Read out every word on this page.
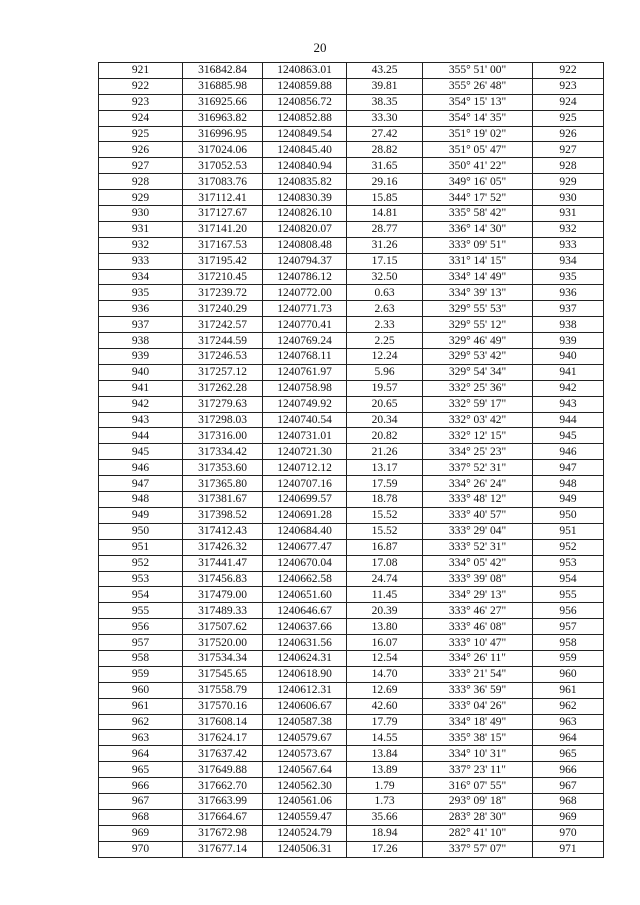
20
921	316842.84	1240863.01	43.25	355° 51' 00"	922
922	316885.98	1240859.88	39.81	355° 26' 48"	923
923	316925.66	1240856.72	38.35	354° 15' 13"	924
924	316963.82	1240852.88	33.30	354° 14' 35"	925
925	316996.95	1240849.54	27.42	351° 19' 02"	926
926	317024.06	1240845.40	28.82	351° 05' 47"	927
927	317052.53	1240840.94	31.65	350° 41' 22"	928
928	317083.76	1240835.82	29.16	349° 16' 05"	929
929	317112.41	1240830.39	15.85	344° 17' 52"	930
930	317127.67	1240826.10	14.81	335° 58' 42"	931
931	317141.20	1240820.07	28.77	336° 14' 30"	932
932	317167.53	1240808.48	31.26	333° 09' 51"	933
933	317195.42	1240794.37	17.15	331° 14' 15"	934
934	317210.45	1240786.12	32.50	334° 14' 49"	935
935	317239.72	1240772.00	0.63	334° 39' 13"	936
936	317240.29	1240771.73	2.63	329° 55' 53"	937
937	317242.57	1240770.41	2.33	329° 55' 12"	938
938	317244.59	1240769.24	2.25	329° 46' 49"	939
939	317246.53	1240768.11	12.24	329° 53' 42"	940
940	317257.12	1240761.97	5.96	329° 54' 34"	941
941	317262.28	1240758.98	19.57	332° 25' 36"	942
942	317279.63	1240749.92	20.65	332° 59' 17"	943
943	317298.03	1240740.54	20.34	332° 03' 42"	944
944	317316.00	1240731.01	20.82	332° 12' 15"	945
945	317334.42	1240721.30	21.26	334° 25' 23"	946
946	317353.60	1240712.12	13.17	337° 52' 31"	947
947	317365.80	1240707.16	17.59	334° 26' 24"	948
948	317381.67	1240699.57	18.78	333° 48' 12"	949
949	317398.52	1240691.28	15.52	333° 40' 57"	950
950	317412.43	1240684.40	15.52	333° 29' 04"	951
951	317426.32	1240677.47	16.87	333° 52' 31"	952
952	317441.47	1240670.04	17.08	334° 05' 42"	953
953	317456.83	1240662.58	24.74	333° 39' 08"	954
954	317479.00	1240651.60	11.45	334° 29' 13"	955
955	317489.33	1240646.67	20.39	333° 46' 27"	956
956	317507.62	1240637.66	13.80	333° 46' 08"	957
957	317520.00	1240631.56	16.07	333° 10' 47"	958
958	317534.34	1240624.31	12.54	334° 26' 11"	959
959	317545.65	1240618.90	14.70	333° 21' 54"	960
960	317558.79	1240612.31	12.69	333° 36' 59"	961
961	317570.16	1240606.67	42.60	333° 04' 26"	962
962	317608.14	1240587.38	17.79	334° 18' 49"	963
963	317624.17	1240579.67	14.55	335° 38' 15"	964
964	317637.42	1240573.67	13.84	334° 10' 31"	965
965	317649.88	1240567.64	13.89	337° 23' 11"	966
966	317662.70	1240562.30	1.79	316° 07' 55"	967
967	317663.99	1240561.06	1.73	293° 09' 18"	968
968	317664.67	1240559.47	35.66	283° 28' 30"	969
969	317672.98	1240524.79	18.94	282° 41' 10"	970
970	317677.14	1240506.31	17.26	337° 57' 07"	971
